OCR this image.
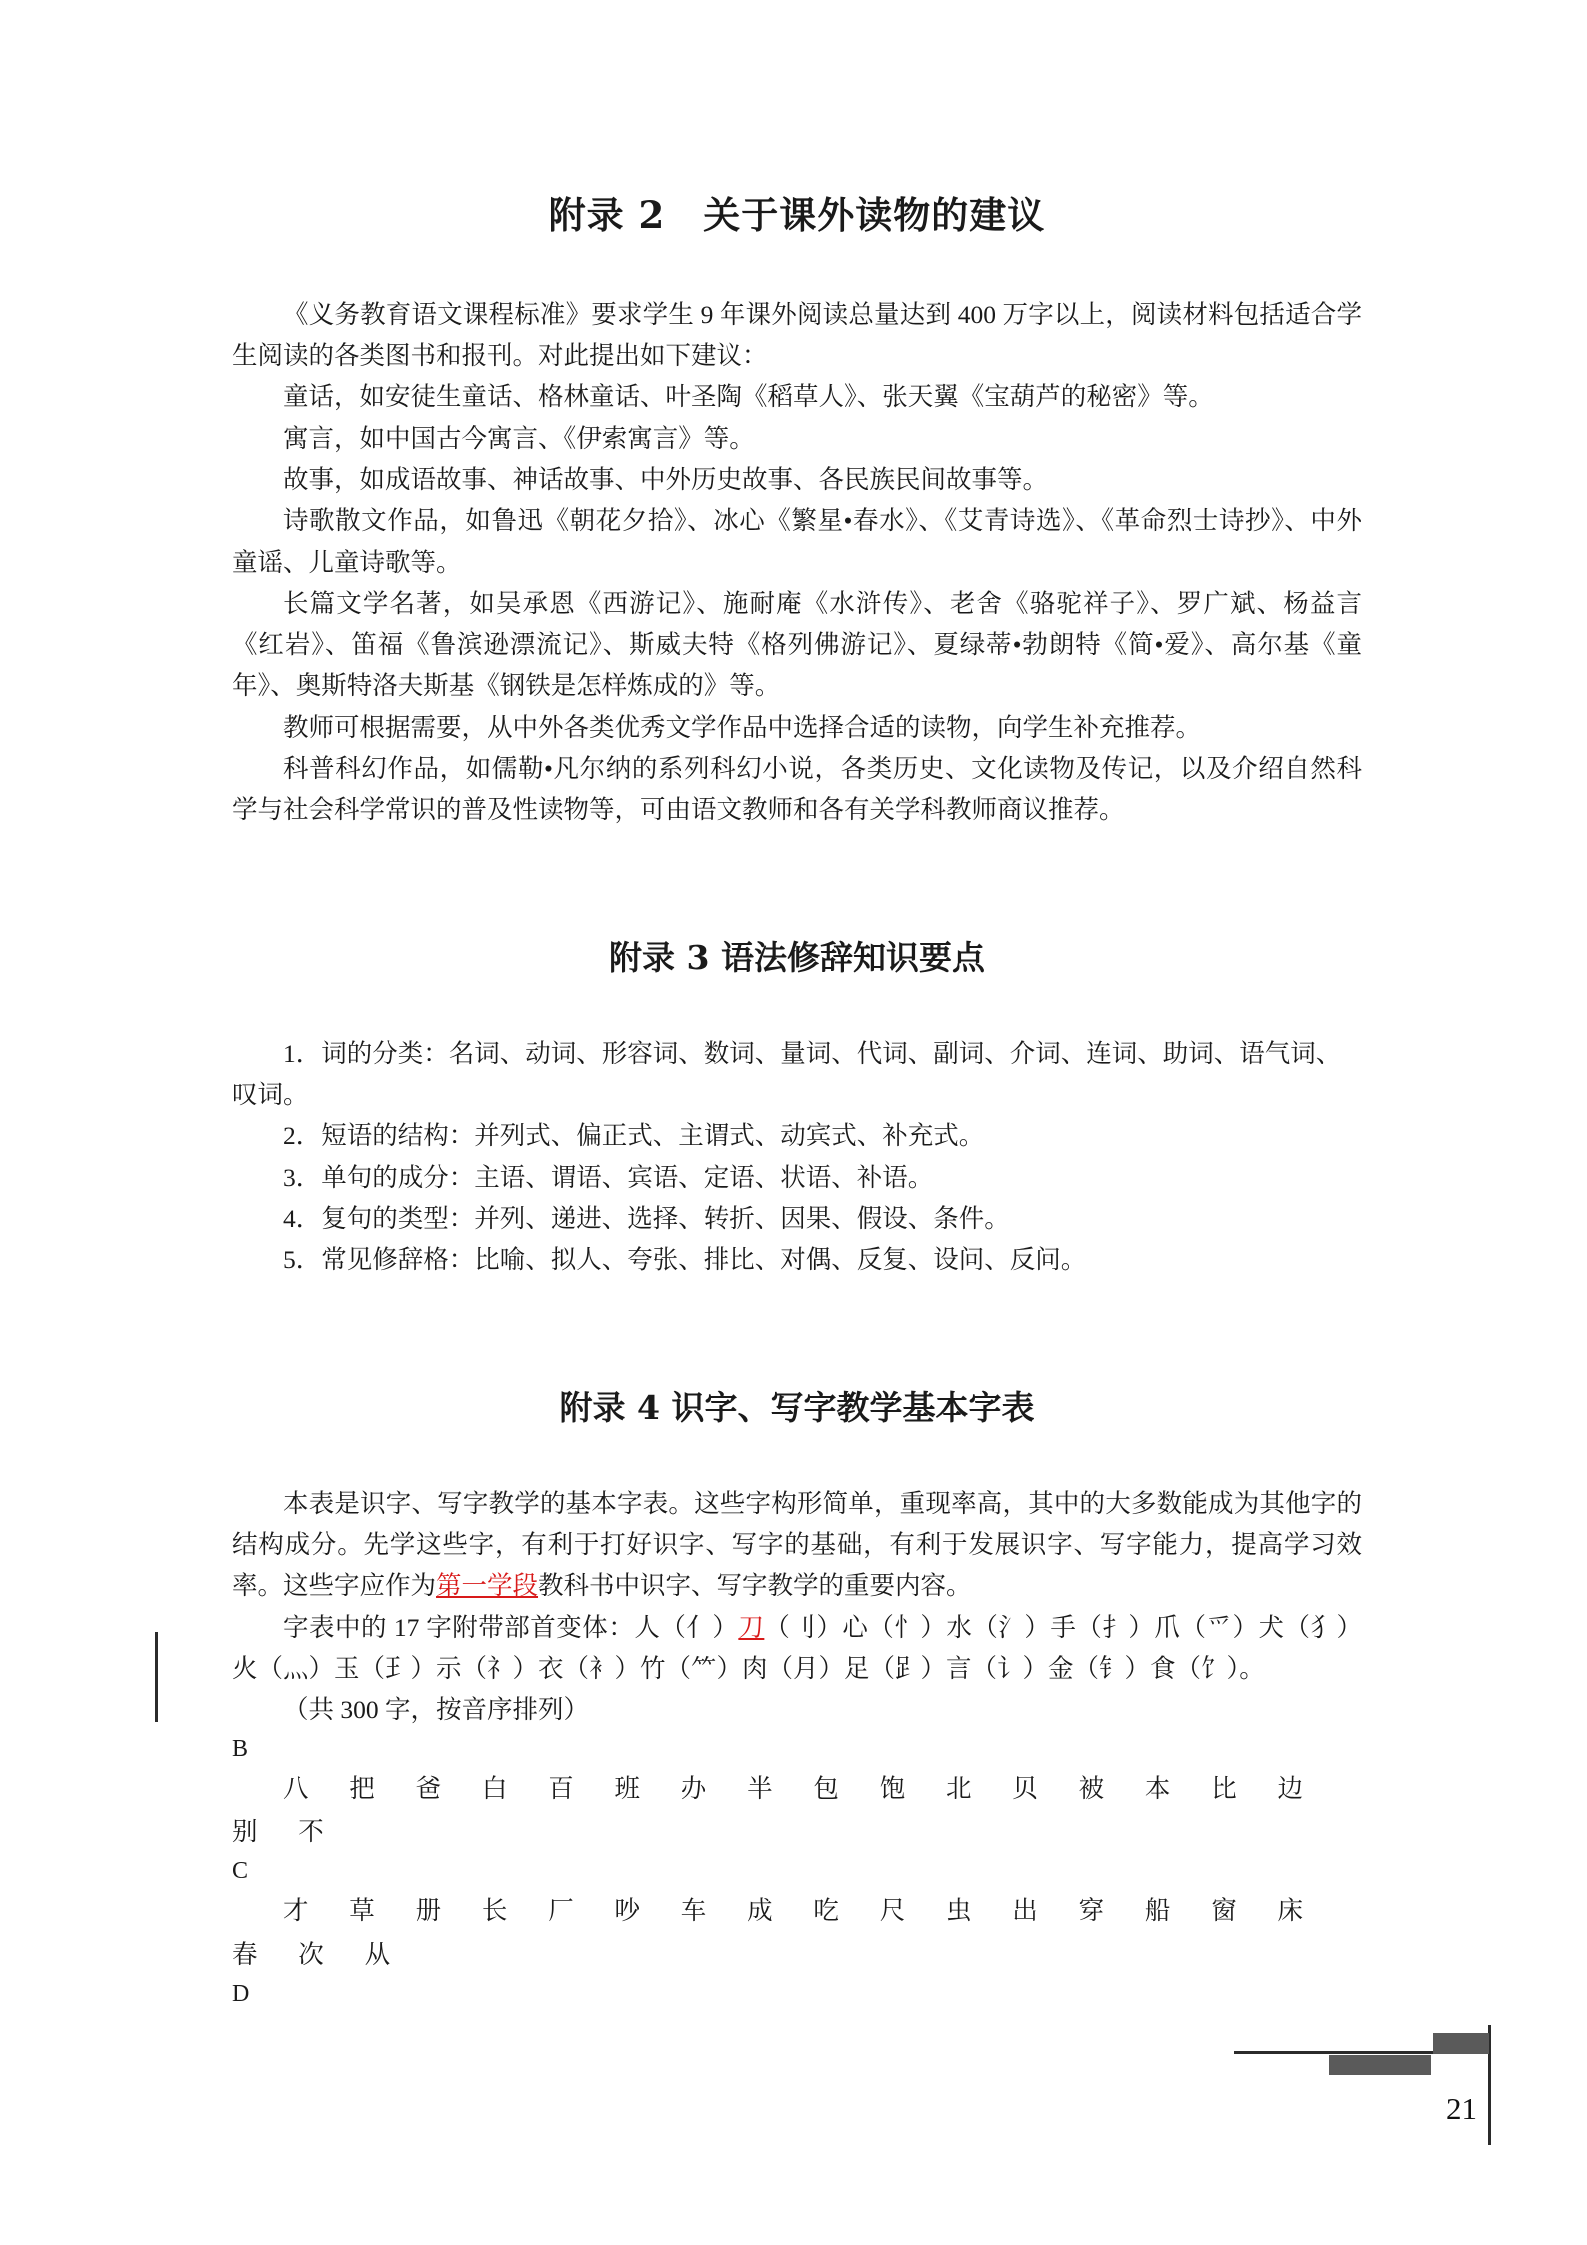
附录 2　关于课外读物的建议

《义务教育语文课程标准》要求学生 9 年课外阅读总量达到 400 万字以上，阅读材料包括适合学生阅读的各类图书和报刊。对此提出如下建议：

童话，如安徒生童话、格林童话、叶圣陶《稻草人》、张天翼《宝葫芦的秘密》等。

寓言，如中国古今寓言、《伊索寓言》等。

故事，如成语故事、神话故事、中外历史故事、各民族民间故事等。

诗歌散文作品，如鲁迅《朝花夕拾》、冰心《繁星•春水》、《艾青诗选》、《革命烈士诗抄》、中外童谣、儿童诗歌等。

长篇文学名著，如吴承恩《西游记》、施耐庵《水浒传》、老舍《骆驼祥子》、罗广斌、杨益言《红岩》、笛福《鲁滨逊漂流记》、斯威夫特《格列佛游记》、夏绿蒂•勃朗特《简•爱》、高尔基《童年》、奥斯特洛夫斯基《钢铁是怎样炼成的》等。

教师可根据需要，从中外各类优秀文学作品中选择合适的读物，向学生补充推荐。

科普科幻作品，如儒勒•凡尔纳的系列科幻小说，各类历史、文化读物及传记，以及介绍自然科学与社会科学常识的普及性读物等，可由语文教师和各有关学科教师商议推荐。

附录 3 语法修辞知识要点

1．词的分类：名词、动词、形容词、数词、量词、代词、副词、介词、连词、助词、语气词、叹词。

2．短语的结构：并列式、偏正式、主谓式、动宾式、补充式。

3．单句的成分：主语、谓语、宾语、定语、状语、补语。

4．复句的类型：并列、递进、选择、转折、因果、假设、条件。

5．常见修辞格：比喻、拟人、夸张、排比、对偶、反复、设问、反问。

附录 4 识字、写字教学基本字表

本表是识字、写字教学的基本字表。这些字构形简单，重现率高，其中的大多数能成为其他字的结构成分。先学这些字，有利于打好识字、写字的基础，有利于发展识字、写字能力，提高学习效率。这些字应作为第一学段教科书中识字、写字教学的重要内容。

字表中的 17 字附带部首变体：人（亻）刀（刂）心（忄）水（氵）手（扌）爪（爫）犬（犭）火（灬）玉（𤣩）示（礻）衣（衤）竹（⺮）肉（月）足（𧾷）言（讠）金（钅）食（饣）。

（共 300 字，按音序排列）

B

八　把　爸　白　百　班　办　半　包　饱　北　贝　被　本　比　边　别　不

C

才　草　册　长　厂　吵　车　成　吃　尺　虫　出　穿　船　窗　床　春　次　从

D

21
